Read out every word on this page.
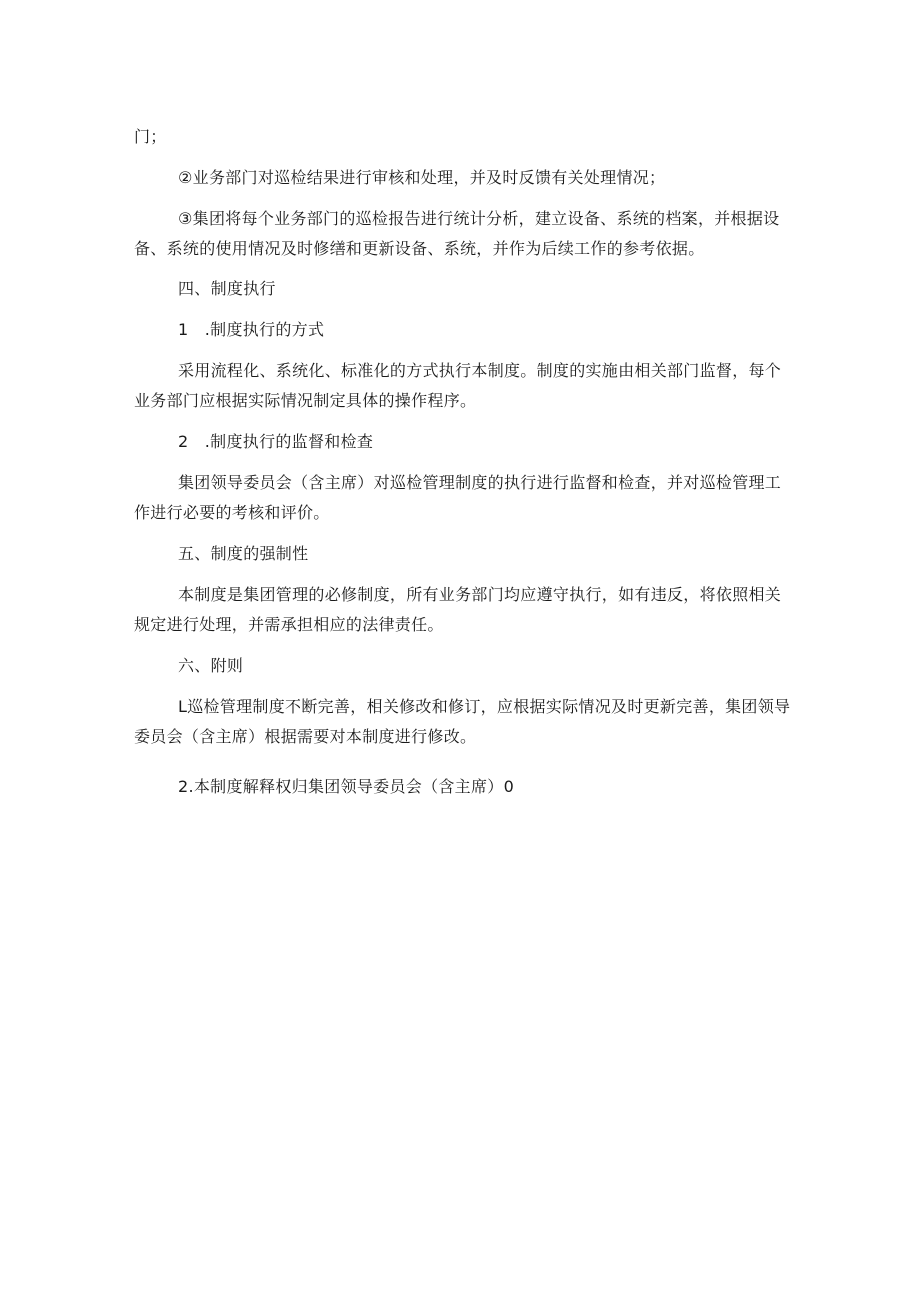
门；

②业务部门对巡检结果进行审核和处理，并及时反馈有关处理情况；

③集团将每个业务部门的巡检报告进行统计分析，建立设备、系统的档案，并根据设备、系统的使用情况及时修缮和更新设备、系统，并作为后续工作的参考依据。

四、制度执行

1　.制度执行的方式

采用流程化、系统化、标准化的方式执行本制度。制度的实施由相关部门监督，每个业务部门应根据实际情况制定具体的操作程序。

2　.制度执行的监督和检查

集团领导委员会（含主席）对巡检管理制度的执行进行监督和检查，并对巡检管理工作进行必要的考核和评价。

五、制度的强制性

本制度是集团管理的必修制度，所有业务部门均应遵守执行，如有违反，将依照相关规定进行处理，并需承担相应的法律责任。

六、附则

L巡检管理制度不断完善，相关修改和修订，应根据实际情况及时更新完善，集团领导委员会（含主席）根据需要对本制度进行修改。

2.本制度解释权归集团领导委员会（含主席）0
